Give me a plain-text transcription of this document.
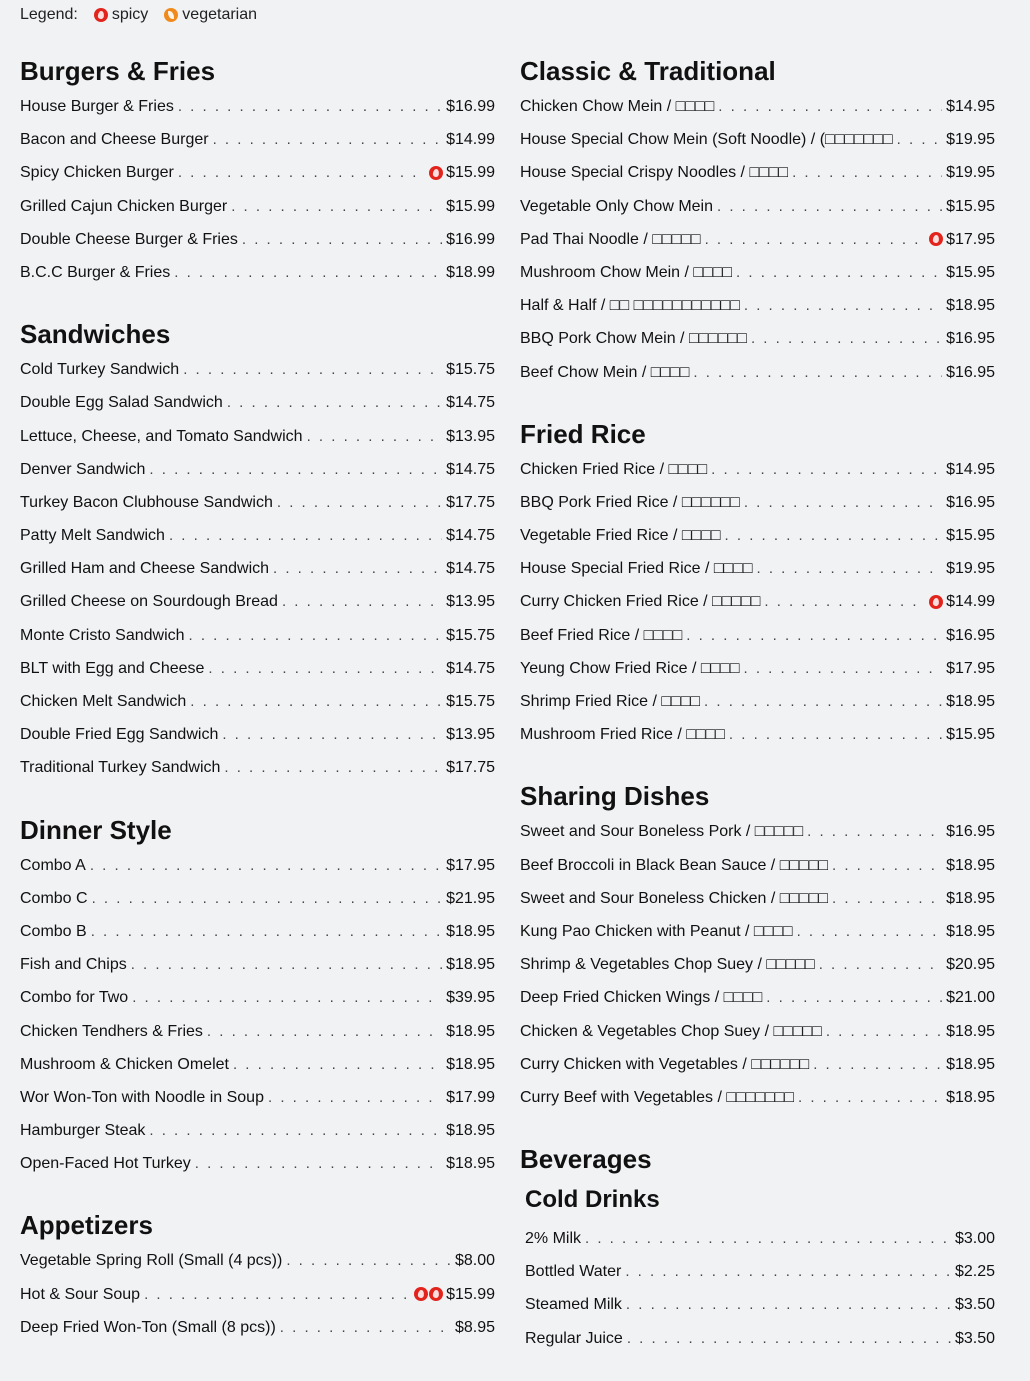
Legend: spicy vegetarian
Burgers & Fries
House Burger & Fries . . .	$16.99
Bacon and Cheese Burger . . .	$14.99
Spicy Chicken Burger . . .	$15.99
Grilled Cajun Chicken Burger . . .	$15.99
Double Cheese Burger & Fries . . .	$16.99
B.C.C Burger & Fries . . .	$18.99
Sandwiches
Cold Turkey Sandwich . . .	$15.75
Double Egg Salad Sandwich . . .	$14.75
Lettuce, Cheese, and Tomato Sandwich . . .	$13.95
Denver Sandwich . . .	$14.75
Turkey Bacon Clubhouse Sandwich . . .	$17.75
Patty Melt Sandwich . . .	$14.75
Grilled Ham and Cheese Sandwich . . .	$14.75
Grilled Cheese on Sourdough Bread . . .	$13.95
Monte Cristo Sandwich . . .	$15.75
BLT with Egg and Cheese . . .	$14.75
Chicken Melt Sandwich . . .	$15.75
Double Fried Egg Sandwich . . .	$13.95
Traditional Turkey Sandwich . . .	$17.75
Dinner Style
Combo A . . .	$17.95
Combo C . . .	$21.95
Combo B . . .	$18.95
Fish and Chips . . .	$18.95
Combo for Two . . .	$39.95
Chicken Tendhers & Fries . . .	$18.95
Mushroom & Chicken Omelet . . .	$18.95
Wor Won-Ton with Noodle in Soup . . .	$17.99
Hamburger Steak . . .	$18.95
Open-Faced Hot Turkey . . .	$18.95
Appetizers
Vegetable Spring Roll (Small (4 pcs)) . . .	$8.00
Hot & Sour Soup . . .	$15.99
Deep Fried Won-Ton (Small (8 pcs)) . . .	$8.95
Classic & Traditional
Chicken Chow Mein / □□□□ . . .	$14.95
House Special Chow Mein (Soft Noodle) / (□□□□□□□ . . .	$19.95
House Special Crispy Noodles / □□□□ . . .	$19.95
Vegetable Only Chow Mein . . .	$15.95
Pad Thai Noodle / □□□□□ . . .	$17.95
Mushroom Chow Mein / □□□□ . . .	$15.95
Half & Half / □□ □□□□□□□□□□□ . . .	$18.95
BBQ Pork Chow Mein / □□□□□□ . . .	$16.95
Beef Chow Mein / □□□□ . . .	$16.95
Fried Rice
Chicken Fried Rice / □□□□ . . .	$14.95
BBQ Pork Fried Rice / □□□□□□ . . .	$16.95
Vegetable Fried Rice / □□□□ . . .	$15.95
House Special Fried Rice / □□□□ . . .	$19.95
Curry Chicken Fried Rice / □□□□□ . . .	$14.99
Beef Fried Rice / □□□□ . . .	$16.95
Yeung Chow Fried Rice / □□□□ . . .	$17.95
Shrimp Fried Rice / □□□□ . . .	$18.95
Mushroom Fried Rice / □□□□ . . .	$15.95
Sharing Dishes
Sweet and Sour Boneless Pork / □□□□□ . . .	$16.95
Beef Broccoli in Black Bean Sauce / □□□□□ . . .	$18.95
Sweet and Sour Boneless Chicken / □□□□□ . . .	$18.95
Kung Pao Chicken with Peanut / □□□□ . . .	$18.95
Shrimp & Vegetables Chop Suey / □□□□□ . . .	$20.95
Deep Fried Chicken Wings / □□□□ . . .	$21.00
Chicken & Vegetables Chop Suey / □□□□□ . . .	$18.95
Curry Chicken with Vegetables / □□□□□□ . . .	$18.95
Curry Beef with Vegetables / □□□□□□□ . . .	$18.95
Beverages
Cold Drinks
2% Milk . . .	$3.00
Bottled Water . . .	$2.25
Steamed Milk . . .	$3.50
Regular Juice . . .	$3.50
